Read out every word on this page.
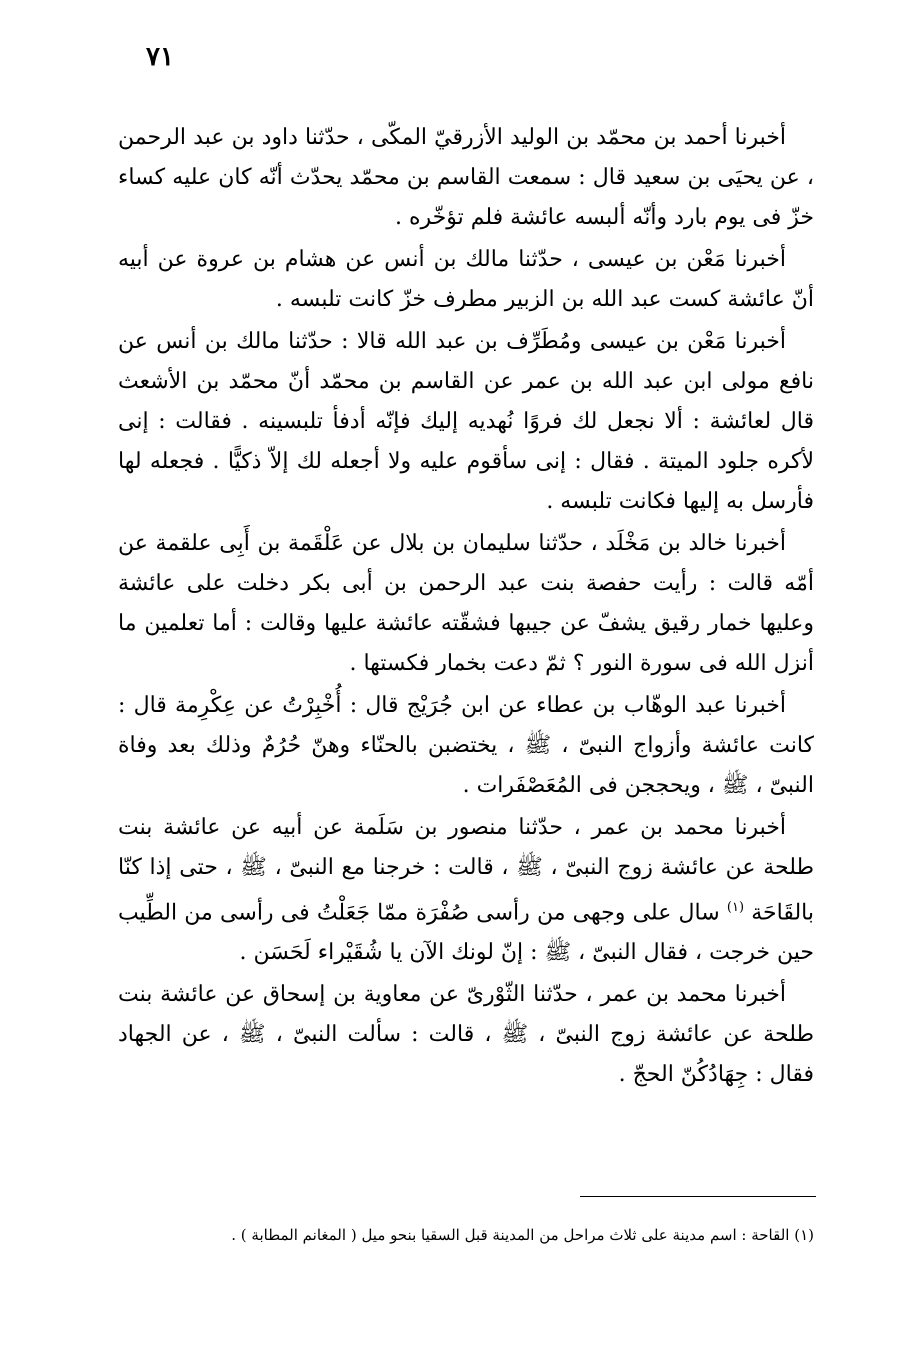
٧١

أخبرنا أحمد بن محمّد بن الوليد الأزرقيّ المكّى ، حدّثنا داود بن عبد الرحمن ، عن يحيَى بن سعيد قال : سمعت القاسم بن محمّد يحدّث أنّه كان عليه كساء خزّ فى يوم بارد وأنّه ألبسه عائشة فلم تؤخّره .

أخبرنا مَعْن بن عيسى ، حدّثنا مالك بن أنس عن هشام بن عروة عن أبيه أنّ عائشة كست عبد الله بن الزبير مطرف خزّ كانت تلبسه .

أخبرنا مَعْن بن عيسى ومُطَرِّف بن عبد الله قالا : حدّثنا مالك بن أنس عن نافع مولى ابن عبد الله بن عمر عن القاسم بن محمّد أنّ محمّد بن الأشعث قال لعائشة : ألا نجعل لك فروًا نُهديه إليك فإنّه أدفأ تلبسينه . فقالت : إنى لأكره جلود الميتة . فقال : إنى سأقوم عليه ولا أجعله لك إلاّ ذكيًّا . فجعله لها فأرسل به إليها فكانت تلبسه .

أخبرنا خالد بن مَخْلَد ، حدّثنا سليمان بن بلال عن عَلْقَمة بن أَبِى علقمة عن أمّه قالت : رأيت حفصة بنت عبد الرحمن بن أبى بكر دخلت على عائشة وعليها خمار رقيق يشفّ عن جيبها فشقّته عائشة عليها وقالت : أما تعلمين ما أنزل الله فى سورة النور ؟ ثمّ دعت بخمار فكستها .

أخبرنا عبد الوهّاب بن عطاء عن ابن جُرَيْج قال : أُخْبِرْتُ عن عِكْرِمة قال : كانت عائشة وأزواج النبىّ ، ﷺ ، يختضبن بالحنّاء وهنّ حُرُمٌ وذلك بعد وفاة النبىّ ، ﷺ ، ويحججن فى المُعَصْفَرات .

أخبرنا محمد بن عمر ، حدّثنا منصور بن سَلَمة عن أبيه عن عائشة بنت طلحة عن عائشة زوج النبىّ ، ﷺ ، قالت : خرجنا مع النبىّ ، ﷺ ، حتى إذا كنّا بالقَاحَة $^{(١)}$ سال على وجهى من رأسى صُفْرَة ممّا جَعَلْتُ فى رأسى من الطِّيب حين خرجت ، فقال النبىّ ، ﷺ : إنّ لونك الآن يا شُقَيْراء لَحَسَن .

أخبرنا محمد بن عمر ، حدّثنا الثّوْرىّ عن معاوية بن إسحاق عن عائشة بنت طلحة عن عائشة زوج النبىّ ، ﷺ ، قالت : سألت النبىّ ، ﷺ ، عن الجهاد فقال : جِهَادُكُنّ الحجّ .

(١) القاحة : اسم مدينة على ثلاث مراحل من المدينة قبل السقيا بنحو ميل ( المغانم المطابة ) .
